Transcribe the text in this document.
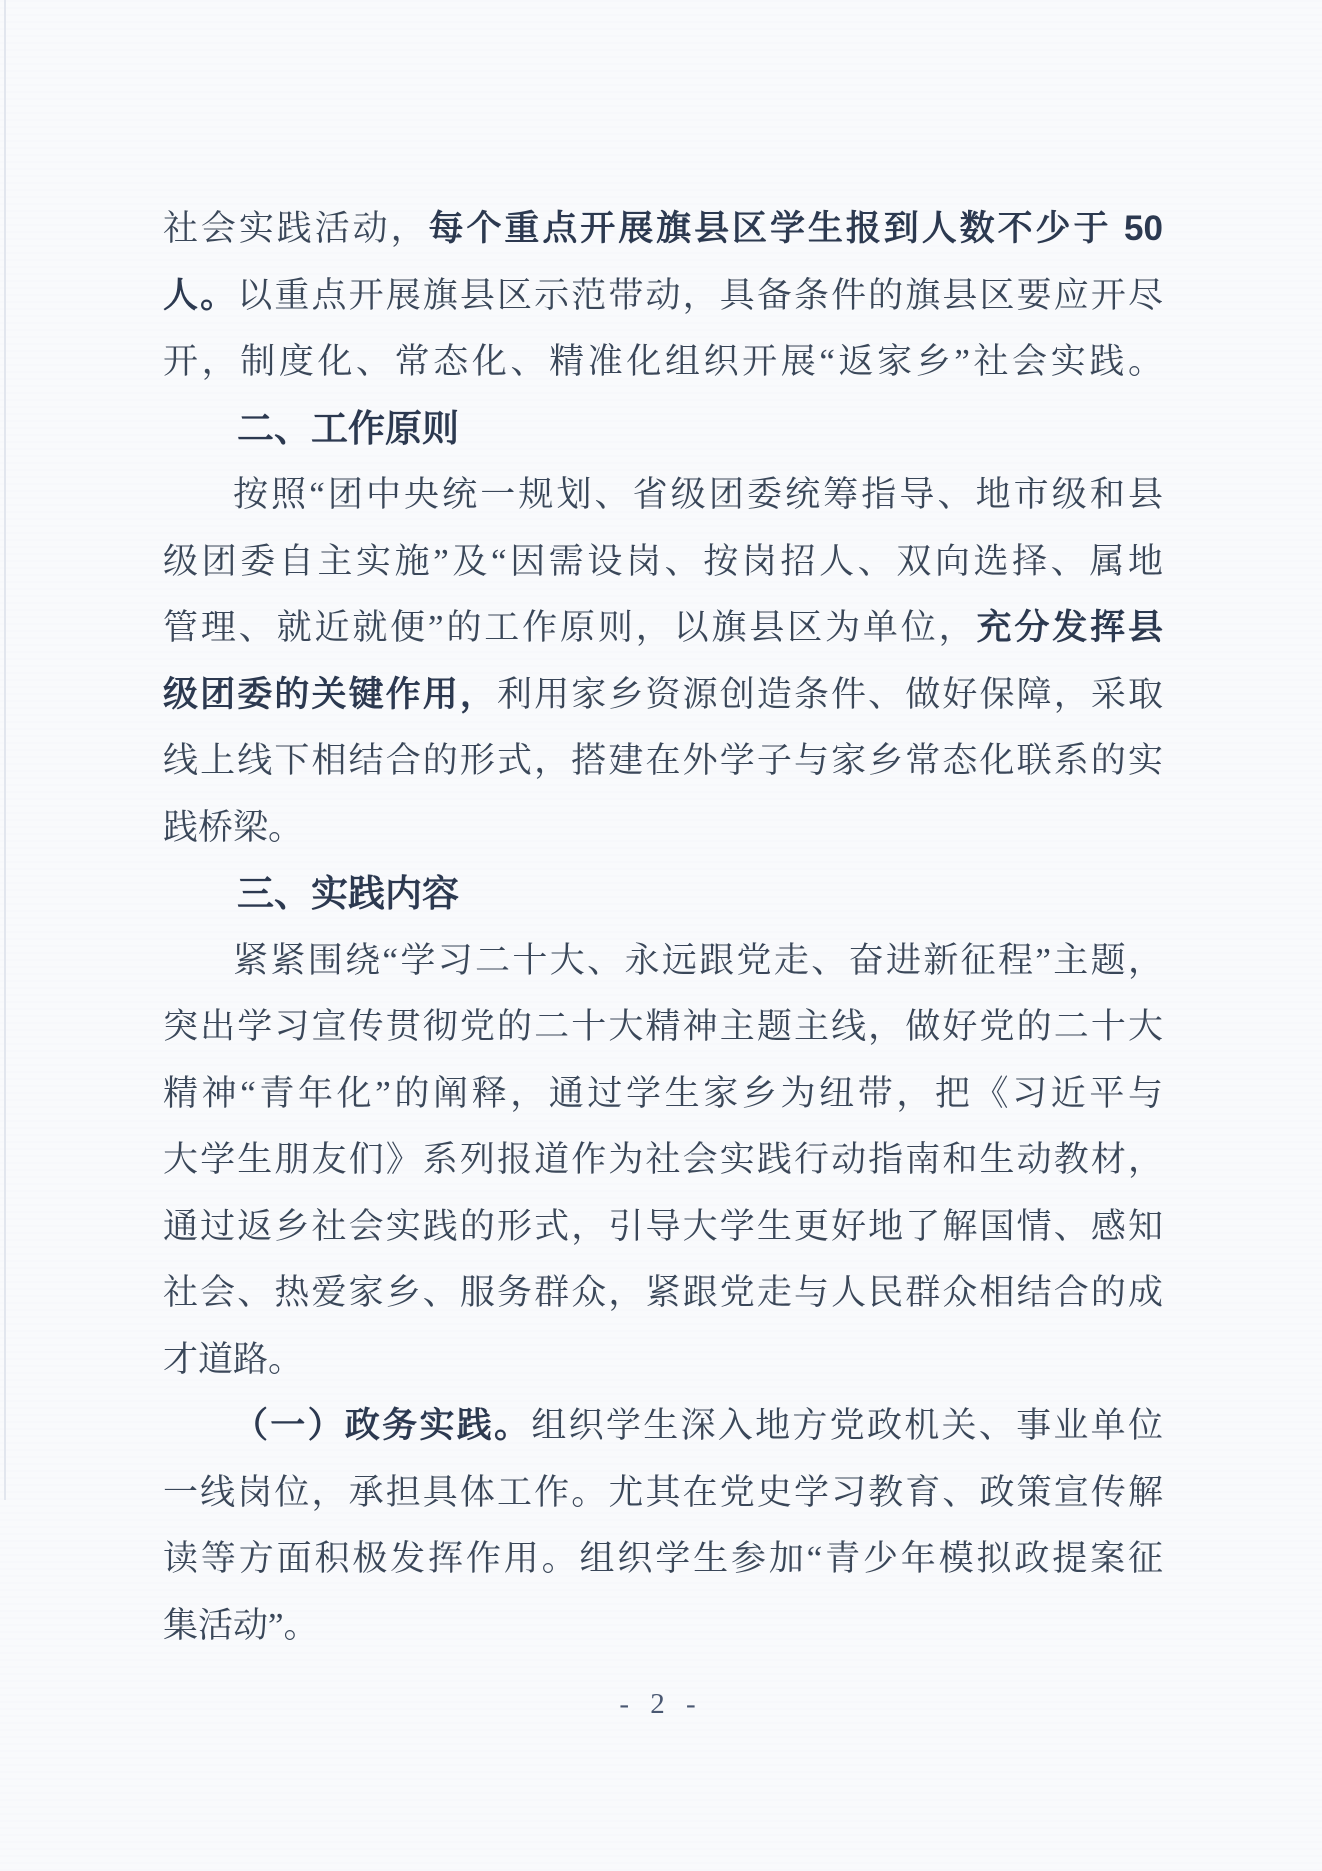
社会实践活动，每个重点开展旗县区学生报到人数不少于 50
人。以重点开展旗县区示范带动，具备条件的旗县区要应开尽
开，制度化、常态化、精准化组织开展“返家乡”社会实践。
二、工作原则
按照“团中央统一规划、省级团委统筹指导、地市级和县
级团委自主实施”及“因需设岗、按岗招人、双向选择、属地
管理、就近就便”的工作原则，以旗县区为单位，充分发挥县
级团委的关键作用，利用家乡资源创造条件、做好保障，采取
线上线下相结合的形式，搭建在外学子与家乡常态化联系的实
践桥梁。
三、实践内容
紧紧围绕“学习二十大、永远跟党走、奋进新征程”主题，
突出学习宣传贯彻党的二十大精神主题主线，做好党的二十大
精神“青年化”的阐释，通过学生家乡为纽带，把《习近平与
大学生朋友们》系列报道作为社会实践行动指南和生动教材，
通过返乡社会实践的形式，引导大学生更好地了解国情、感知
社会、热爱家乡、服务群众，紧跟党走与人民群众相结合的成
才道路。
（一）政务实践。组织学生深入地方党政机关、事业单位
一线岗位，承担具体工作。尤其在党史学习教育、政策宣传解
读等方面积极发挥作用。组织学生参加“青少年模拟政提案征
集活动”。
- 2 -
